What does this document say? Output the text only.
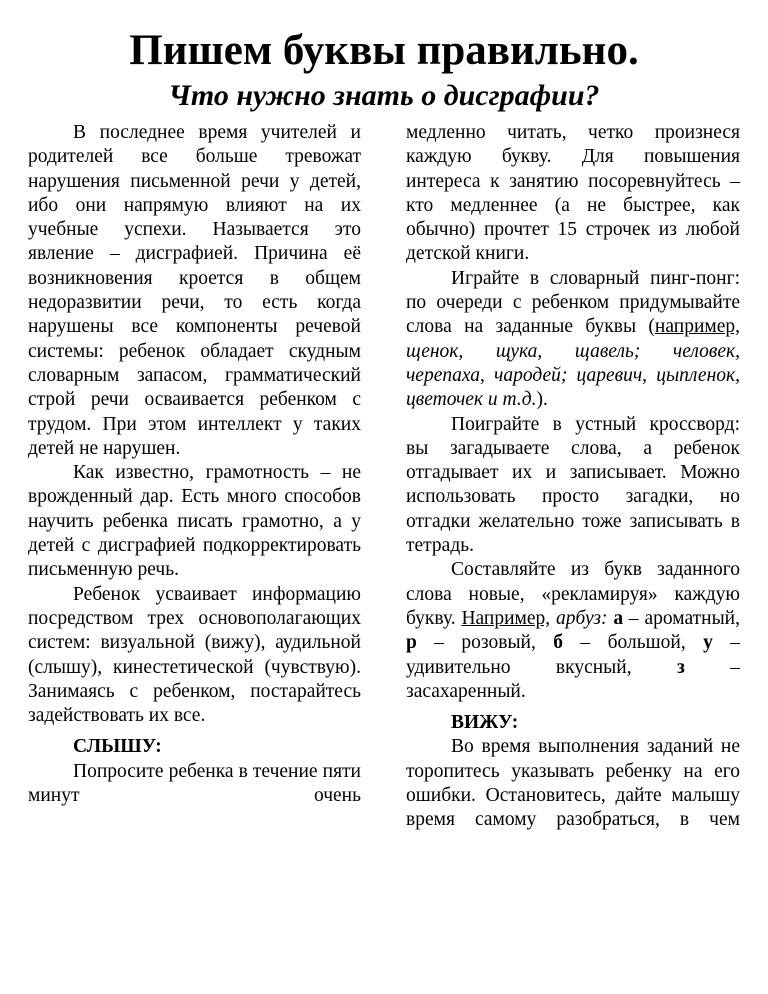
Пишем буквы правильно.
Что нужно знать о дисграфии?

В последнее время учителей и родителей все больше тревожат нарушения письменной речи у детей, ибо они напрямую влияют на их учебные успехи. Называется это явление – дисграфией. Причина её возникновения кроется в общем недоразвитии речи, то есть когда нарушены все компоненты речевой системы: ребенок обладает скудным словарным запасом, грамматический строй речи осваивается ребенком с трудом. При этом интеллект у таких детей не нарушен.

Как известно, грамотность – не врожденный дар. Есть много способов научить ребенка писать грамотно, а у детей с дисграфией подкорректировать письменную речь.

Ребенок усваивает информацию посредством трех основополагающих систем: визуальной (вижу), аудильной (слышу), кинестетической (чувствую). Занимаясь с ребенком, постарайтесь задействовать их все.

СЛЫШУ:

Попросите ребенка в течение пяти минут очень

медленно читать, четко произнеся каждую букву. Для повышения интереса к занятию посоревнуйтесь – кто медленнее (а не быстрее, как обычно) прочтет 15 строчек из любой детской книги.

Играйте в словарный пинг-понг: по очереди с ребенком придумывайте слова на заданные буквы (например, щенок, щука, щавель; человек, черепаха, чародей; царевич, цыпленок, цветочек и т.д.).

Поиграйте в устный кроссворд: вы загадываете слова, а ребенок отгадывает их и записывает. Можно использовать просто загадки, но отгадки желательно тоже записывать в тетрадь.

Составляйте из букв заданного слова новые, «рекламируя» каждую букву. Например, арбуз: а – ароматный, р – розовый, б – большой, у – удивительно вкусный, з – засахаренный.

ВИЖУ:

Во время выполнения заданий не торопитесь указывать ребенку на его ошибки. Остановитесь, дайте малышу время самому разобраться, в чем
